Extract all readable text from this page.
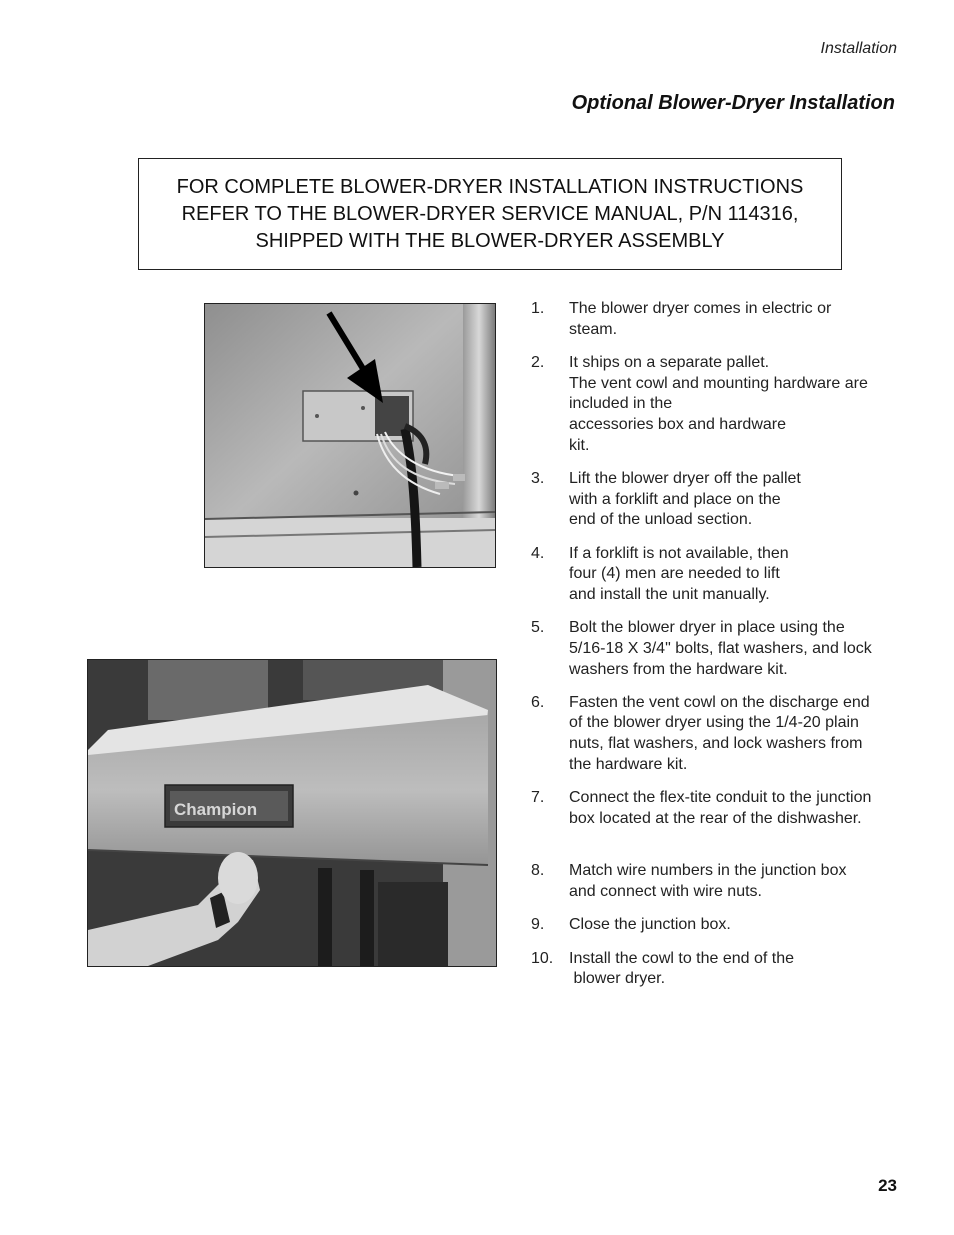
Installation
Optional Blower-Dryer Installation
FOR COMPLETE BLOWER-DRYER INSTALLATION INSTRUCTIONS
REFER TO THE BLOWER-DRYER SERVICE MANUAL, P/N 114316,
SHIPPED WITH THE BLOWER-DRYER ASSEMBLY
Champion
1.	The blower dryer comes in electric or
steam.
2.	It ships on a separate pallet.
The vent cowl and mounting hardware are
included in the
accessories box and hardware
kit.
3.	Lift the blower dryer off the pallet
with a forklift and place on the
end of the unload section.
4.	If a forklift is not available, then
four (4) men are needed to lift
and install the unit manually.
5.	Bolt the blower dryer in place using the
5/16-18 X 3/4" bolts, flat washers, and lock
washers from the hardware kit.
6.	Fasten the vent cowl on the discharge end
of the blower dryer using the 1/4-20 plain
nuts, flat washers, and lock washers from
the hardware kit.
7.	Connect the flex-tite conduit to the junction
box located at the rear of the dishwasher.
8.	Match wire numbers in the junction box
and connect with wire nuts.
9.	Close the junction box.
10. Install the cowl to the end of the
blower dryer.
23
